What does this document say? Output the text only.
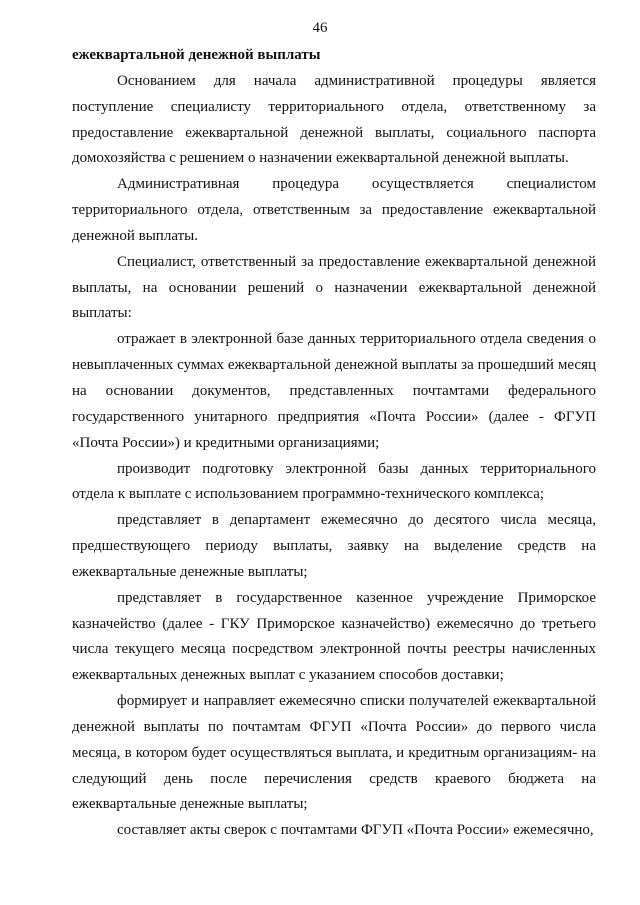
46

ежеквартальной денежной выплаты

Основанием для начала административной процедуры является поступление специалисту территориального отдела, ответственному за предоставление ежеквартальной денежной выплаты, социального паспорта домохозяйства с решением о назначении ежеквартальной денежной выплаты.

Административная процедура осуществляется специалистом территориального отдела, ответственным за предоставление ежеквартальной денежной выплаты.

Специалист, ответственный за предоставление ежеквартальной денежной выплаты, на основании решений о назначении ежеквартальной денежной выплаты:

отражает в электронной базе данных территориального отдела сведения о невыплаченных суммах ежеквартальной денежной выплаты за прошедший месяц на основании документов, представленных почтамтами федерального государственного унитарного предприятия «Почта России» (далее - ФГУП «Почта России») и кредитными организациями;

производит подготовку электронной базы данных территориального отдела к выплате с использованием программно-технического комплекса;

представляет в департамент ежемесячно до десятого числа месяца, предшествующего периоду выплаты, заявку на выделение средств на ежеквартальные денежные выплаты;

представляет в государственное казенное учреждение Приморское казначейство (далее - ГКУ Приморское казначейство) ежемесячно до третьего числа текущего месяца посредством электронной почты реестры начисленных ежеквартальных денежных выплат с указанием способов доставки;

формирует и направляет ежемесячно списки получателей ежеквартальной денежной выплаты по почтамтам ФГУП «Почта России» до первого числа месяца, в котором будет осуществляться выплата, и кредитным организациям- на следующий день после перечисления средств краевого бюджета на ежеквартальные денежные выплаты;

составляет акты сверок с почтамтами ФГУП «Почта России» ежемесячно,
